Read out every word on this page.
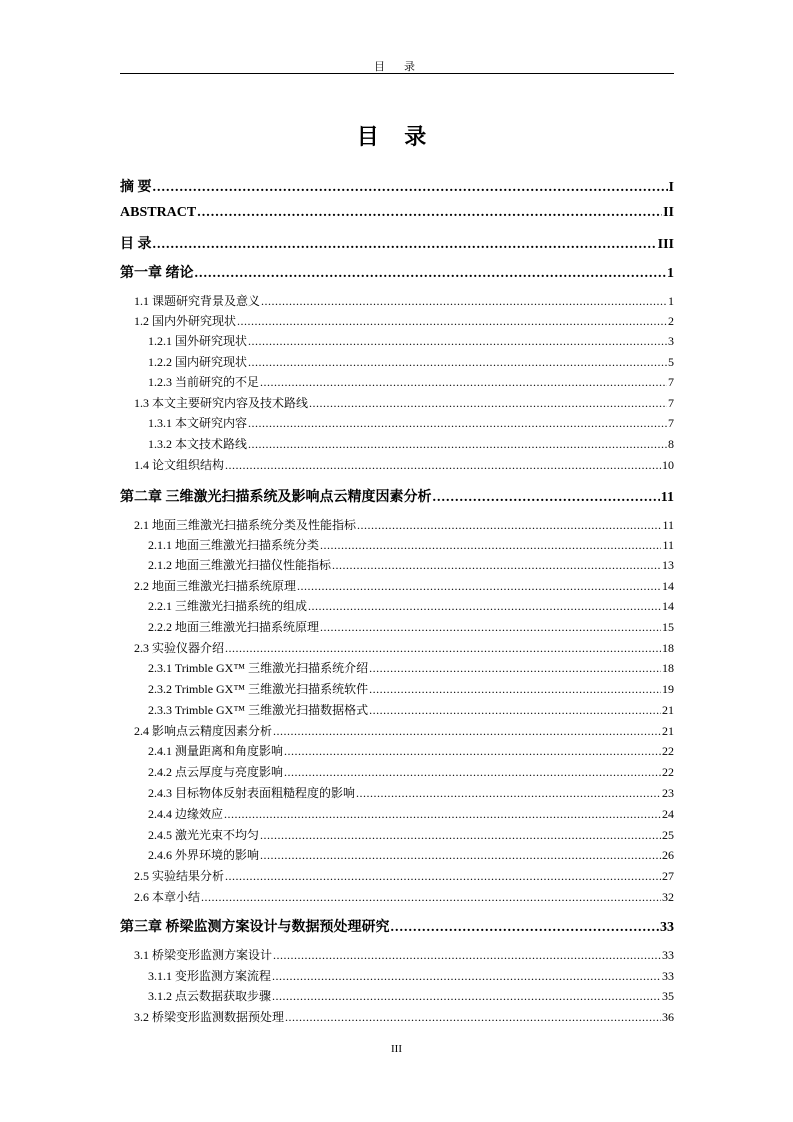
目　录
目 录
摘 要 .....	I
ABSTRACT .....	II
目 录 .....	III
第一章 绪论 .....	1
1.1 课题研究背景及意义 .....	1
1.2 国内外研究现状 .....	2
1.2.1 国外研究现状 .....	3
1.2.2 国内研究现状 .....	5
1.2.3 当前研究的不足 .....	7
1.3 本文主要研究内容及技术路线 .....	7
1.3.1 本文研究内容 .....	7
1.3.2 本文技术路线 .....	8
1.4 论文组织结构 .....	10
第二章 三维激光扫描系统及影响点云精度因素分析 .....	11
2.1 地面三维激光扫描系统分类及性能指标 .....	11
2.1.1 地面三维激光扫描系统分类 .....	11
2.1.2 地面三维激光扫描仪性能指标 .....	13
2.2 地面三维激光扫描系统原理 .....	14
2.2.1 三维激光扫描系统的组成 .....	14
2.2.2 地面三维激光扫描系统原理 .....	15
2.3 实验仪器介绍 .....	18
2.3.1 Trimble GX™ 三维激光扫描系统介绍 .....	18
2.3.2 Trimble GX™ 三维激光扫描系统软件 .....	19
2.3.3 Trimble GX™ 三维激光扫描数据格式 .....	21
2.4 影响点云精度因素分析 .....	21
2.4.1 测量距离和角度影响 .....	22
2.4.2 点云厚度与亮度影响 .....	22
2.4.3 目标物体反射表面粗糙程度的影响 .....	23
2.4.4 边缘效应 .....	24
2.4.5 激光光束不均匀 .....	25
2.4.6 外界环境的影响 .....	26
2.5 实验结果分析 .....	27
2.6 本章小结 .....	32
第三章 桥梁监测方案设计与数据预处理研究 .....	33
3.1 桥梁变形监测方案设计 .....	33
3.1.1 变形监测方案流程 .....	33
3.1.2 点云数据获取步骤 .....	35
3.2 桥梁变形监测数据预处理 .....	36
III
